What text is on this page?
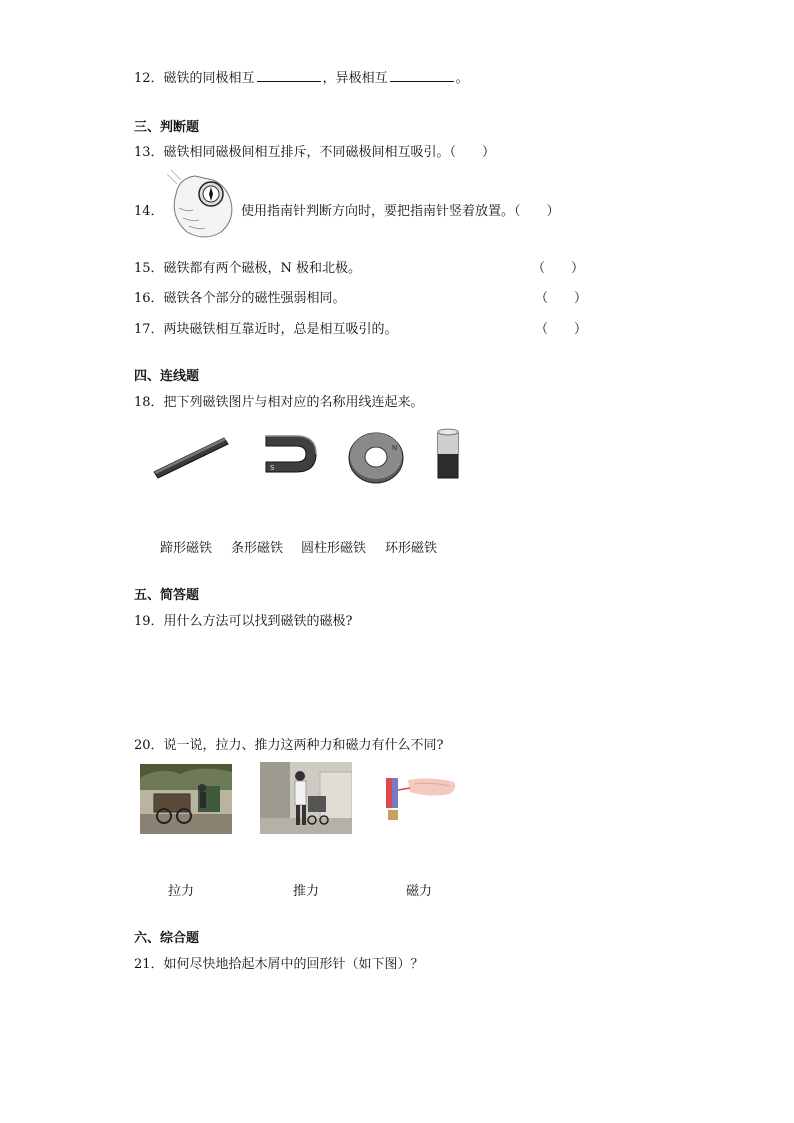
12．磁铁的同极相互	，异极相互	。
三、判断题
13．磁铁相同磁极间相互排斥，不同磁极间相互吸引。（　　）
14．	使用指南针判断方向时，要把指南针竖着放置。（　　）
15．磁铁都有两个磁极，N 极和北极。	（　　）
16．磁铁各个部分的磁性强弱相同。	（　　）
17．两块磁铁相互靠近时，总是相互吸引的。	（　　）
四、连线题
18．把下列磁铁图片与相对应的名称用线连起来。
S
N
蹄形磁铁 条形磁铁 圆柱形磁铁 环形磁铁
五、简答题
19．用什么方法可以找到磁铁的磁极?
20．说一说，拉力、推力这两种力和磁力有什么不同?
拉力	推力	磁力
六、综合题
21．如何尽快地拾起木屑中的回形针（如下图）？
